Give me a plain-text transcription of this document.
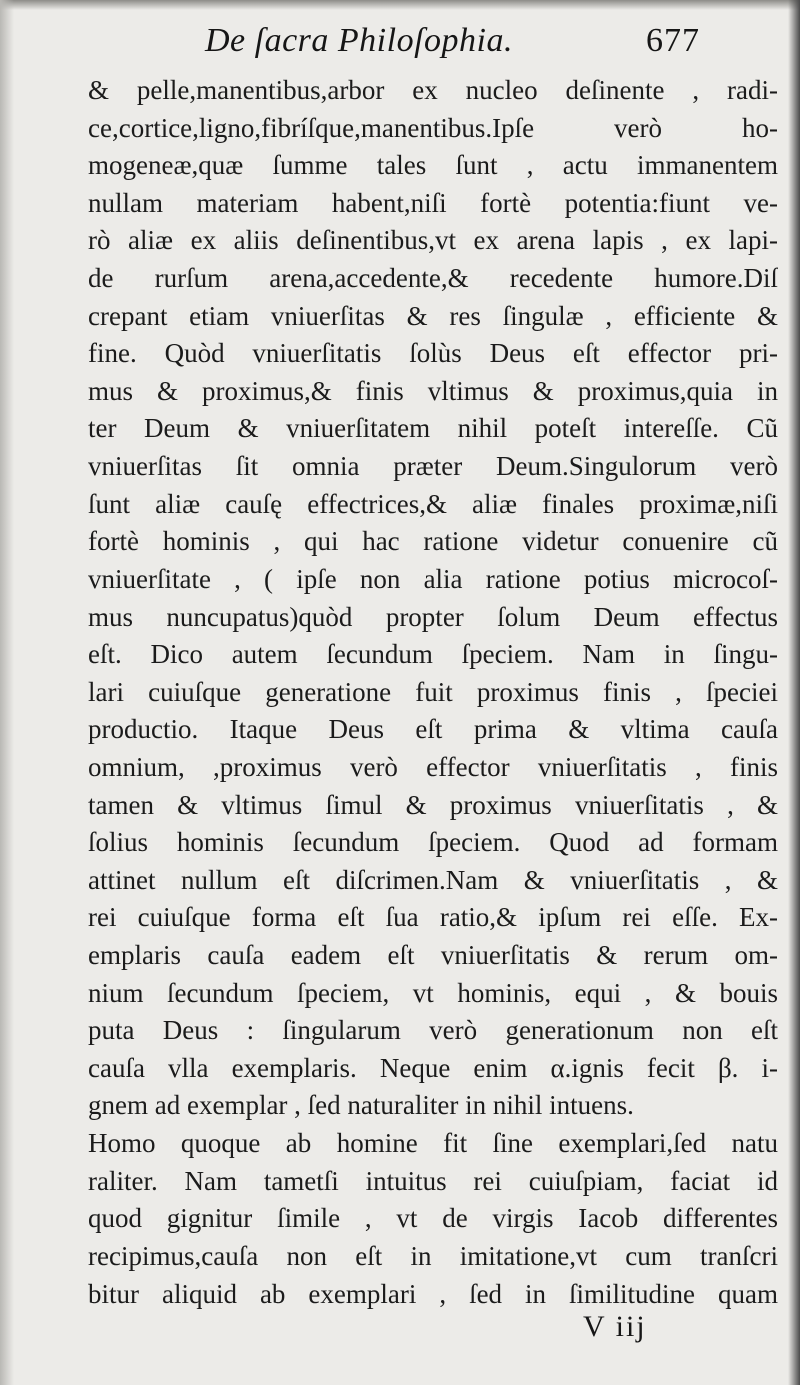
De ſacra Philoſophia.	677
& pelle,manentibus,arbor ex nucleo deſinente , radi-
ce,cortice,ligno,fibríſque,manentibus.Ipſe verò ho-
mogeneæ,quæ ſumme tales ſunt , actu immanentem
nullam materiam habent,niſi fortè potentia:fiunt ve-
rò aliæ ex aliis deſinentibus,vt ex arena lapis , ex lapi-
de rurſum arena,accedente,& recedente humore.Diſ
crepant etiam vniuerſitas & res ſingulæ , efficiente &
fine. Quòd vniuerſitatis ſolùs Deus eſt effector pri-
mus & proximus,& finis vltimus & proximus,quia in
ter Deum & vniuerſitatem nihil poteſt intereſſe. Cũ
vniuerſitas ſit omnia præter Deum.Singulorum verò
ſunt aliæ cauſę effectrices,& aliæ finales proximæ,niſi
fortè hominis , qui hac ratione videtur conuenire cũ
vniuerſitate , ( ipſe non alia ratione potius microcoſ-
mus nuncupatus)quòd propter ſolum Deum effectus
eſt. Dico autem ſecundum ſpeciem. Nam in ſingu-
lari cuiuſque generatione fuit proximus finis , ſpeciei
productio. Itaque Deus eſt prima & vltima cauſa
omnium, ,proximus verò effector vniuerſitatis , finis
tamen & vltimus ſimul & proximus vniuerſitatis , &
ſolius hominis ſecundum ſpeciem. Quod ad formam
attinet nullum eſt diſcrimen.Nam & vniuerſitatis , &
rei cuiuſque forma eſt ſua ratio,& ipſum rei eſſe. Ex-
emplaris cauſa eadem eſt vniuerſitatis & rerum om-
nium ſecundum ſpeciem, vt hominis, equi , & bouis
puta Deus : ſingularum verò generationum non eſt
cauſa vlla exemplaris. Neque enim α.ignis fecit β. i-
gnem ad exemplar , ſed naturaliter in nihil intuens.
Homo quoque ab homine fit ſine exemplari,ſed natu
raliter. Nam tametſi intuitus rei cuiuſpiam, faciat id
quod gignitur ſimile , vt de virgis Iacob differentes
recipimus,cauſa non eſt in imitatione,vt cum tranſcri
bitur aliquid ab exemplari , ſed in ſimilitudine quam
V iij
